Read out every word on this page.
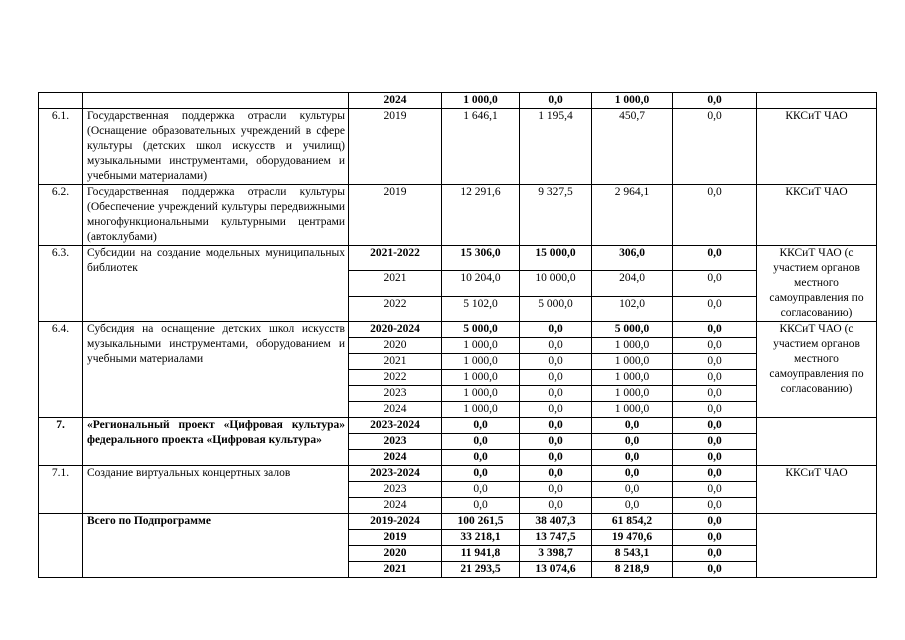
		2024	1 000,0	0,0	1 000,0	0,0	
6.1.	Государственная поддержка отрасли культуры (Оснащение образовательных учреждений в сфере культуры (детских школ искусств и училищ) музыкальными инструментами, оборудованием и учебными материалами)	2019	1 646,1	1 195,4	450,7	0,0	ККСиТ ЧАО
6.2.	Государственная поддержка отрасли культуры (Обеспечение учреждений культуры передвижными многофункциональными культурными центрами (автоклубами)	2019	12 291,6	9 327,5	2 964,1	0,0	ККСиТ ЧАО
6.3.	Субсидии на создание модельных муниципальных библиотек	2021-2022	15 306,0	15 000,0	306,0	0,0	ККСиТ ЧАО (с участием органов местного самоуправления по согласованию)
		2021	10 204,0	10 000,0	204,0	0,0	
		2022	5 102,0	5 000,0	102,0	0,0	
6.4.	Субсидия на оснащение детских школ искусств музыкальными инструментами, оборудованием и учебными материалами	2020-2024	5 000,0	0,0	5 000,0	0,0	ККСиТ ЧАО (с участием органов местного самоуправления по согласованию)
		2020	1 000,0	0,0	1 000,0	0,0	
		2021	1 000,0	0,0	1 000,0	0,0	
		2022	1 000,0	0,0	1 000,0	0,0	
		2023	1 000,0	0,0	1 000,0	0,0	
		2024	1 000,0	0,0	1 000,0	0,0	
7.	«Региональный проект «Цифровая культура» федерального проекта «Цифровая культура»	2023-2024	0,0	0,0	0,0	0,0	
		2023	0,0	0,0	0,0	0,0	
		2024	0,0	0,0	0,0	0,0	
7.1.	Создание виртуальных концертных залов	2023-2024	0,0	0,0	0,0	0,0	ККСиТ ЧАО
		2023	0,0	0,0	0,0	0,0	
		2024	0,0	0,0	0,0	0,0	
	Всего по Подпрограмме	2019-2024	100 261,5	38 407,3	61 854,2	0,0	
		2019	33 218,1	13 747,5	19 470,6	0,0	
		2020	11 941,8	3 398,7	8 543,1	0,0	
		2021	21 293,5	13 074,6	8 218,9	0,0	
